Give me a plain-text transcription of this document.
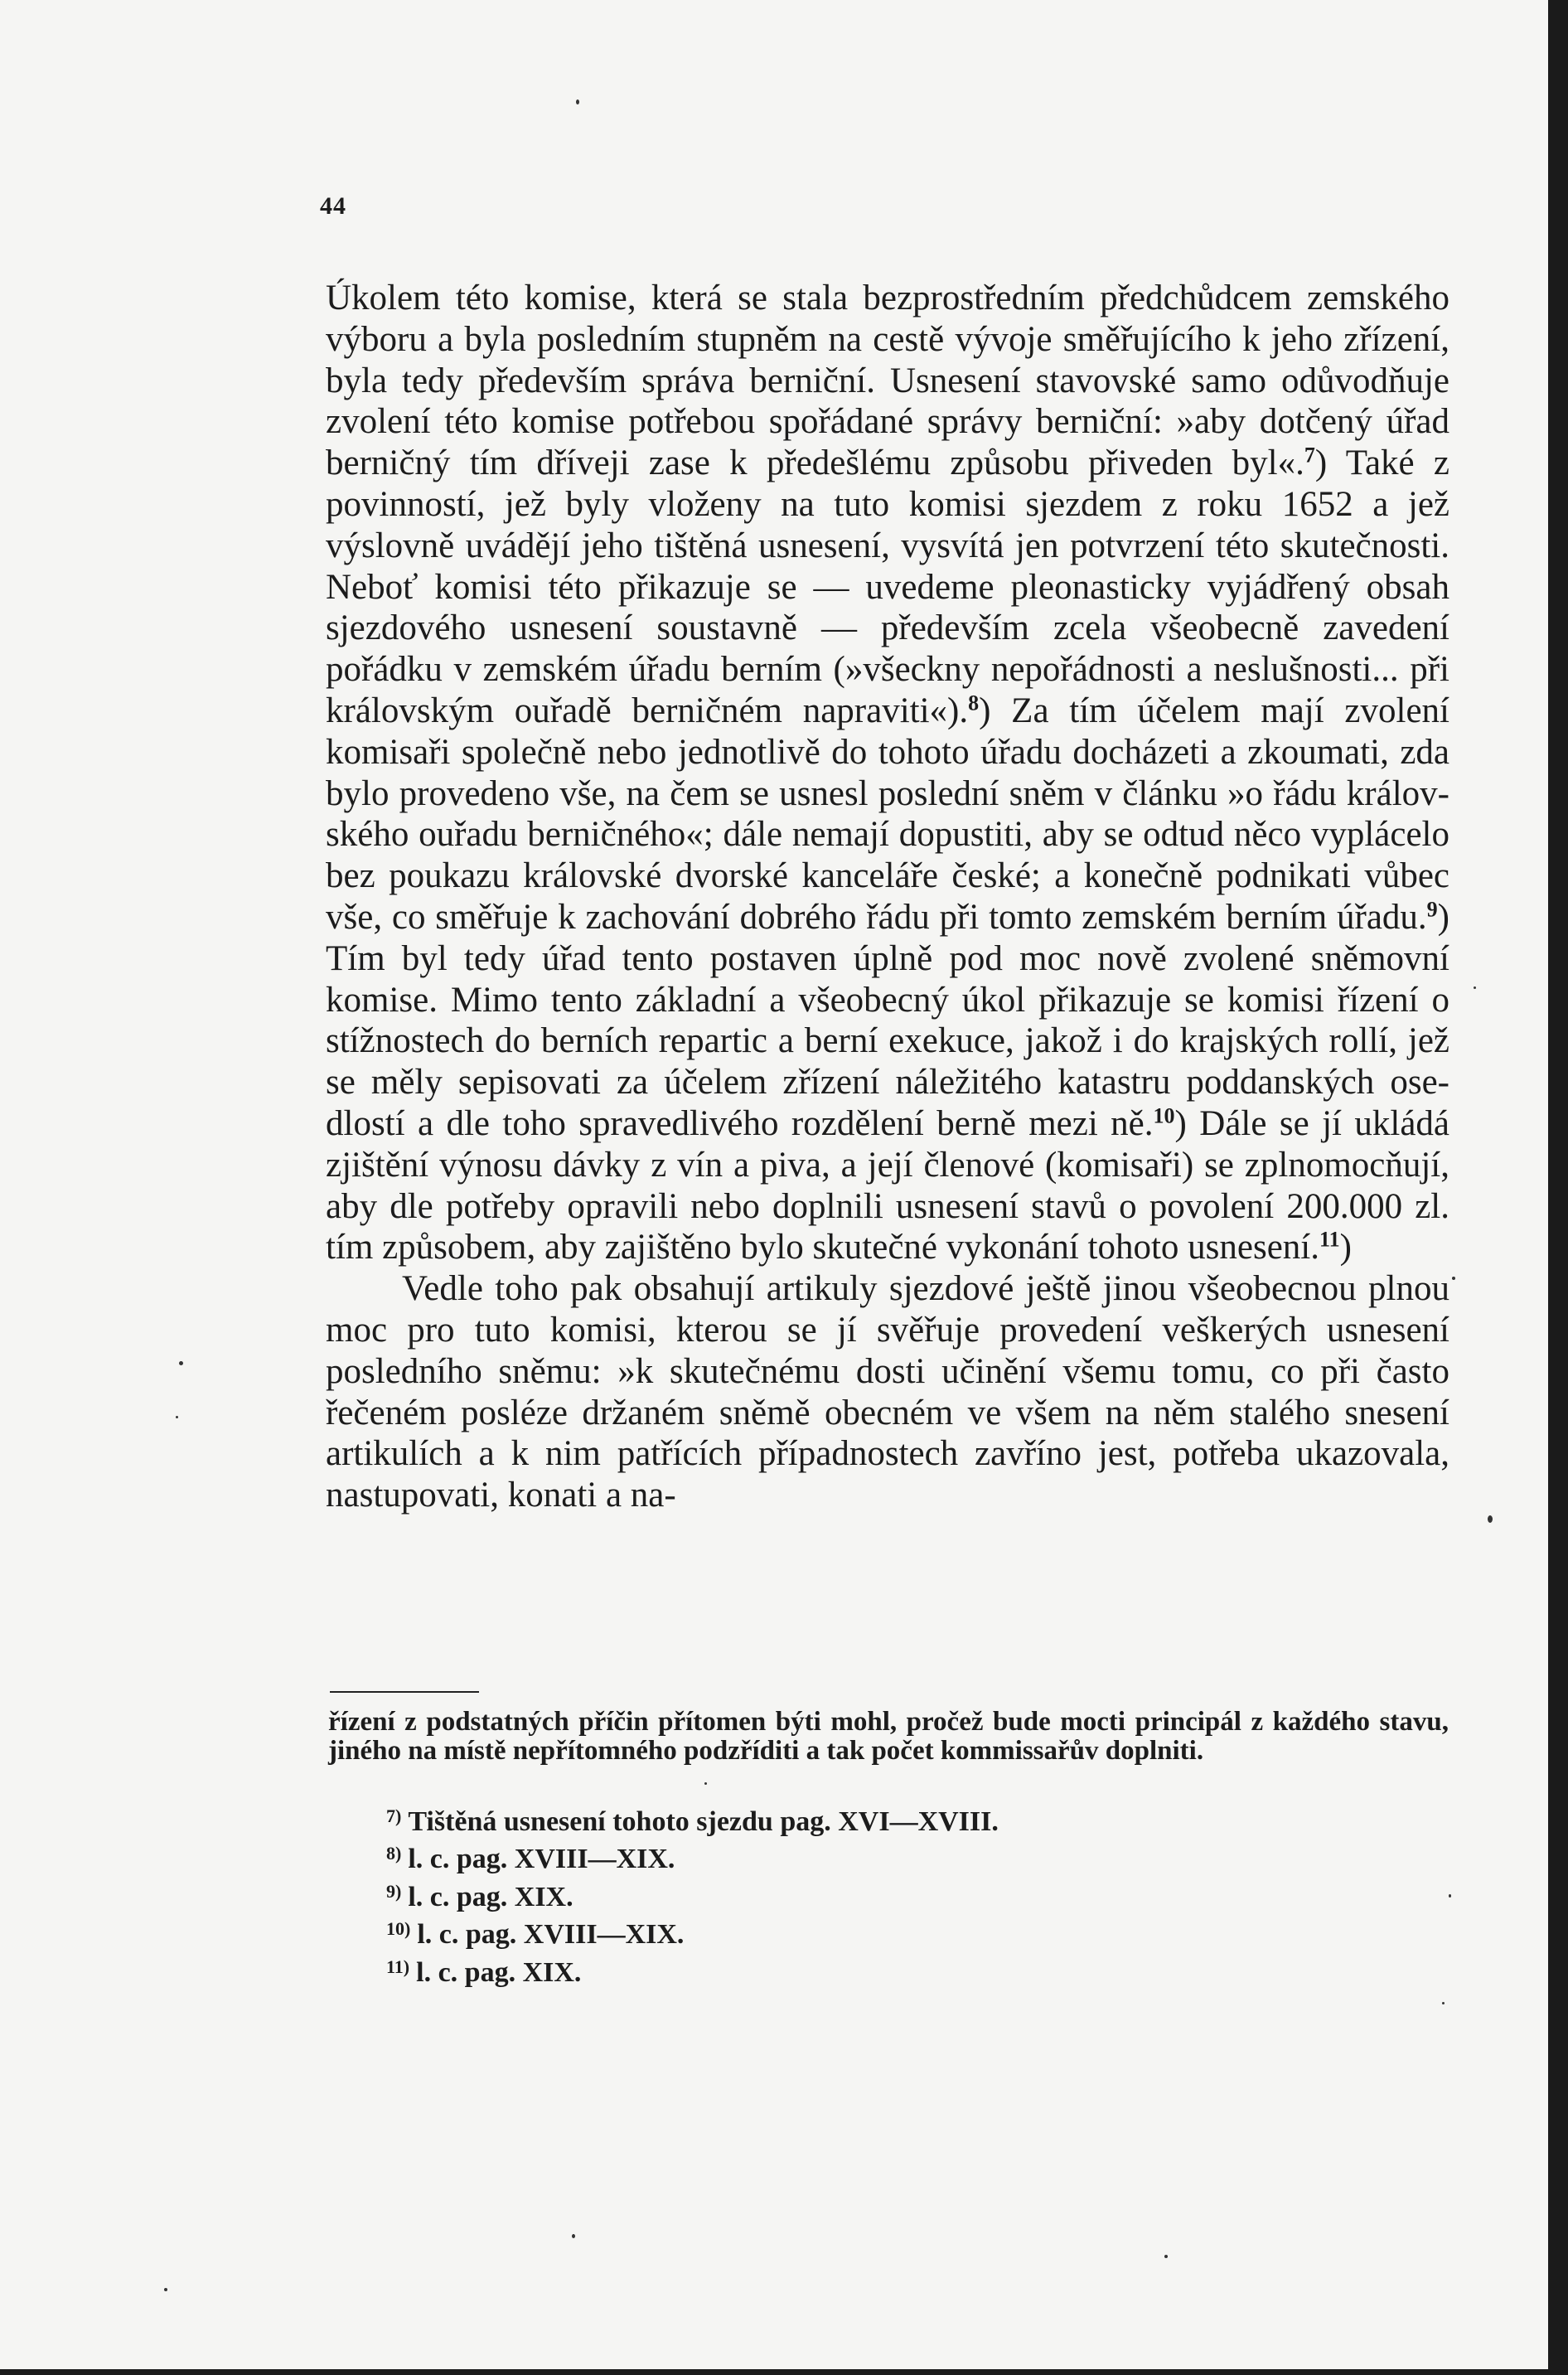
44

Úkolem této komise, která se stala bezprostředním předchůdcem zemského výboru a byla posledním stupněm na cestě vývoje směřujícího k jeho zřízení, byla tedy především správa berniční. Usnesení stavovské samo odůvodňuje zvolení této komise potřebou spořádané správy berniční: »aby dotčený úřad berničný tím dříveji zase k předešlému způsobu přiveden byl«.$^7$) Také z povinností, jež byly vloženy na tuto komisi sjezdem z roku 1652 a jež výslovně uvádějí jeho tištěná usnesení, vysvítá jen potvrzení této skutečnosti. Neboť komisi této přikazuje se — uvedeme pleonasticky vyjádřený obsah sjezdového usnesení soustavně — především zcela všeobecně zavedení pořádku v zemském úřadu berním (»všeckny nepořádnosti a neslušnosti... při královským ouřadě berničném napraviti«).$^8$) Za tím účelem mají zvolení komisaři společně nebo jednotlivě do tohoto úřadu docházeti a zkoumati, zda bylo provedeno vše, na čem se usnesl poslední sněm v článku »o řádu královského ouřadu berničného«; dále nemají dopustiti, aby se odtud něco vyplácelo bez poukazu královské dvorské kanceláře české; a konečně podnikati vůbec vše, co směřuje k zachování dobrého řádu při tomto zemském berním úřadu.$^9$) Tím byl tedy úřad tento postaven úplně pod moc nově zvolené sněmovní komise. Mimo tento základní a všeobecný úkol přikazuje se komisi řízení o stížnostech do berních repartic a berní exekuce, jakož i do krajských rollí, jež se měly sepisovati za účelem zřízení náležitého katastru poddanských osedlostí a dle toho spravedlivého rozdělení berně mezi ně.$^{10}$) Dále se jí ukládá zjištění výnosu dávky z vín a piva, a její členové (komisaři) se zplnomocňují, aby dle potřeby opravili nebo doplnili usnesení stavů o povolení 200.000 zl. tím způsobem, aby zajištěno bylo skutečné vykonání tohoto usnesení.$^{11}$)

Vedle toho pak obsahují artikuly sjezdové ještě jinou všeobecnou plnou moc pro tuto komisi, kterou se jí svěřuje provedení veškerých usnesení posledního sněmu: »k skutečnému dosti učinění všemu tomu, co při často řečeném posléze držaném sněmě obecném ve všem na něm stalého snesení artikulích a k nim patřících případnostech zavříno jest, potřeba ukazovala, nastupovati, konati a na-

řízení z podstatných příčin přítomen býti mohl, pročež bude mocti principál z každého stavu, jiného na místě nepřítomného podzříditi a tak počet kommissařův doplniti.
$^{7)}$ Tištěná usnesení tohoto sjezdu pag. XVI—XVIII.
$^{8)}$ l. c. pag. XVIII—XIX.
$^{9)}$ l. c. pag. XIX.
$^{10)}$ l. c. pag. XVIII—XIX.
$^{11)}$ l. c. pag. XIX.
